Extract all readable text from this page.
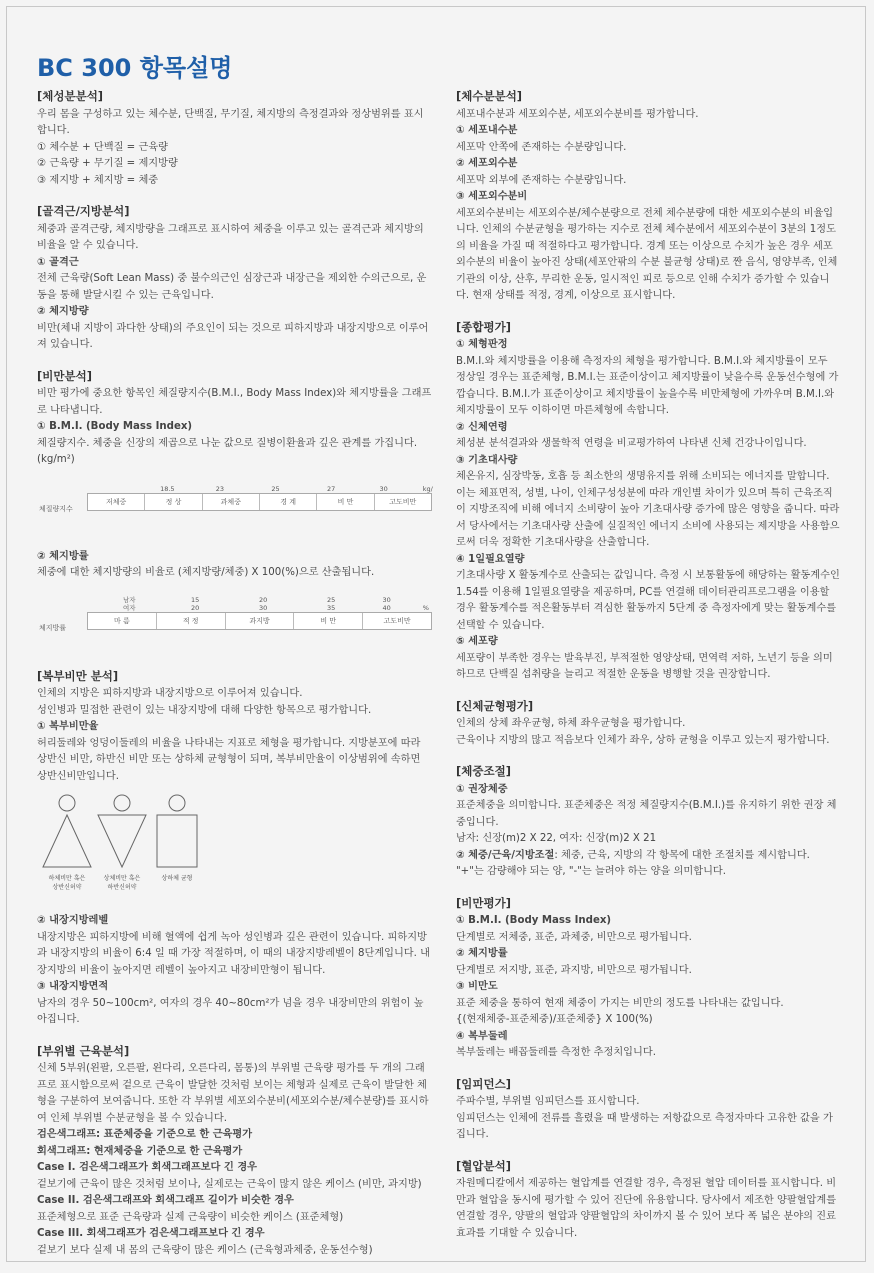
BC 300 항목설명
[체성분분석]
우리 몸을 구성하고 있는 체수분, 단백질, 무기질, 체지방의 측정결과와 정상범위를 표시합니다.
① 체수분 + 단백질 = 근육량
② 근육량 + 무기질 = 제지방량
③ 제지방 + 체지방 = 체중
[골격근/지방분석]
체중과 골격근량, 체지방량을 그래프로 표시하여 체중을 이루고 있는 골격근과 체지방의 비율을 알 수 있습니다.
① 골격근
전체 근육량(Soft Lean Mass) 중 불수의근인 심장근과 내장근을 제외한 수의근으로, 운동을 통해 발달시킬 수 있는 근육입니다.
② 체지방량
비만(체내 지방이 과다한 상태)의 주요인이 되는 것으로 피하지방과 내장지방으로 이루어져 있습니다.
[비만분석]
비만 평가에 중요한 항목인 체질량지수(B.M.I., Body Mass Index)와 체지방률을 그래프로 나타냅니다.
① B.M.I. (Body Mass Index)
체질량지수. 체중을 신장의 제곱으로 나눈 값으로 질병이환율과 깊은 관계를 가집니다. (kg/m²)
체질량지수
18.5	23	25	27	30	kg/
저체중	정 상	과체중	경 계	비 만	고도비만
② 체지방률
체중에 대한 체지방량의 비율로 (체지방량/체중) X 100(%)으로 산출됩니다.
체지방률
남자
여자
15
20
20
30
25
35
30
40	%
마 름	적 정	과지방	비 만	고도비만
[복부비만 분석]
인체의 지방은 피하지방과 내장지방으로 이루어져 있습니다.
성인병과 밀접한 관련이 있는 내장지방에 대해 다양한 항목으로 평가합니다.
① 복부비만율
허리둘레와 엉덩이둘레의 비율을 나타내는 지표로 체형을 평가합니다. 지방분포에 따라 상반신 비만, 하반신 비만 또는 상하체 균형형이 되며, 복부비만율이 이상범위에 속하면 상반신비만입니다.
하체비만 혹은
상반신허약
상체비만 혹은
하반신허약
상하체 균형
② 내장지방레벨
내장지방은 피하지방에 비해 혈액에 쉽게 녹아 성인병과 깊은 관련이 있습니다. 피하지방과 내장지방의 비율이 6:4 일 때 가장 적절하며, 이 때의 내장지방레벨이 8단계입니다. 내장지방의 비율이 높아지면 레벨이 높아지고 내장비만형이 됩니다.
③ 내장지방면적
남자의 경우 50~100cm², 여자의 경우 40~80cm²가 넘을 경우 내장비만의 위험이 높아집니다.
[부위별 근육분석]
신체 5부위(왼팔, 오른팔, 왼다리, 오른다리, 몸통)의 부위별 근육량 평가를 두 개의 그래프로 표시함으로써 겉으로 근육이 발달한 것처럼 보이는 체형과 실제로 근육이 발달한 체형을 구분하여 보여줍니다. 또한 각 부위별 세포외수분비(세포외수분/체수분량)를 표시하여 인체 부위별 수분균형을 볼 수 있습니다.
검은색그래프: 표준체중을 기준으로 한 근육평가
회색그래프: 현재체중을 기준으로 한 근육평가
Case I. 검은색그래프가 회색그래프보다 긴 경우
겉보기에 근육이 많은 것처럼 보이나, 실제로는 근육이 많지 않은 케이스 (비만, 과지방)
Case II. 검은색그래프와 회색그래프 길이가 비슷한 경우
표준체형으로 표준 근육량과 실제 근육량이 비슷한 케이스 (표준체형)
Case III. 회색그래프가 검은색그래프보다 긴 경우
겉보기 보다 실제 내 몸의 근육량이 많은 케이스 (근육형과체중, 운동선수형)
[체수분분석]
세포내수분과 세포외수분, 세포외수분비를 평가합니다.
① 세포내수분
세포막 안쪽에 존재하는 수분량입니다.
② 세포외수분
세포막 외부에 존재하는 수분량입니다.
③ 세포외수분비
세포외수분비는 세포외수분/체수분량으로 전체 체수분량에 대한 세포외수분의 비율입니다. 인체의 수분균형을 평가하는 지수로 전체 체수분에서 세포외수분이 3분의 1정도의 비율을 가질 때 적절하다고 평가합니다. 경계 또는 이상으로 수치가 높은 경우 세포외수분의 비율이 높아진 상태(세포안팎의 수분 불균형 상태)로 짠 음식, 영양부족, 인체기관의 이상, 산후, 무리한 운동, 일시적인 피로 등으로 인해 수치가 증가할 수 있습니다. 현재 상태를 적정, 경계, 이상으로 표시합니다.
[종합평가]
① 체형판정
B.M.I.와 체지방률을 이용해 측정자의 체형을 평가합니다. B.M.I.와 체지방률이 모두 정상일 경우는 표준체형, B.M.I.는 표준이상이고 체지방률이 낮을수록 운동선수형에 가깝습니다. B.M.I.가 표준이상이고 체지방률이 높을수록 비만체형에 가까우며 B.M.I.와 체지방률이 모두 이하이면 마른체형에 속합니다.
② 신체연령
체성분 분석결과와 생물학적 연령을 비교평가하여 나타낸 신체 건강나이입니다.
③ 기초대사량
체온유지, 심장박동, 호흡 등 최소한의 생명유지를 위해 소비되는 에너지를 말합니다. 이는 체표면적, 성별, 나이, 인체구성성분에 따라 개인별 차이가 있으며 특히 근육조직이 지방조직에 비해 에너지 소비량이 높아 기초대사량 증가에 많은 영향을 줍니다. 따라서 당사에서는 기초대사량 산출에 실질적인 에너지 소비에 사용되는 제지방을 사용함으로써 더욱 정확한 기초대사량을 산출합니다.
④ 1일필요열량
기초대사량 X 활동계수로 산출되는 값입니다. 측정 시 보통활동에 해당하는 활동계수인 1.54를 이용해 1일필요열량을 제공하며, PC를 연결해 데이터관리프로그램을 이용할 경우 활동계수를 적은활동부터 격심한 활동까지 5단계 중 측정자에게 맞는 활동계수를 선택할 수 있습니다.
⑤ 세포량
세포량이 부족한 경우는 발육부진, 부적절한 영양상태, 면역력 저하, 노년기 등을 의미하므로 단백질 섭취량을 늘리고 적절한 운동을 병행할 것을 권장합니다.
[신체균형평가]
인체의 상체 좌우균형, 하체 좌우균형을 평가합니다.
근육이나 지방의 많고 적음보다 인체가 좌우, 상하 균형을 이루고 있는지 평가합니다.
[체중조절]
① 권장체중
표준체중을 의미합니다. 표준체중은 적정 체질량지수(B.M.I.)를 유지하기 위한 권장 체중입니다.
남자: 신장(m)2 X 22, 여자: 신장(m)2 X 21
② 체중/근육/지방조절: 체중, 근육, 지방의 각 항목에 대한 조절치를 제시합니다.
"+"는 감량해야 되는 양, "-"는 늘려야 하는 양을 의미합니다.
[비만평가]
① B.M.I. (Body Mass Index)
단계별로 저체중, 표준, 과체중, 비만으로 평가됩니다.
② 체지방률
단계별로 저지방, 표준, 과지방, 비만으로 평가됩니다.
③ 비만도
표준 체중을 통하여 현재 체중이 가지는 비만의 정도를 나타내는 값입니다.
{(현재체중-표준체중)/표준체중} X 100(%)
④ 복부둘레
복부둘레는 배꼽둘레를 측정한 추정치입니다.
[임피던스]
주파수별, 부위별 임피던스를 표시합니다.
임피던스는 인체에 전류를 흘렸을 때 발생하는 저항값으로 측정자마다 고유한 값을 가집니다.
[혈압분석]
자원메디칼에서 제공하는 혈압계를 연결할 경우, 측정된 혈압 데이터를 표시합니다. 비만과 혈압을 동시에 평가할 수 있어 진단에 유용합니다. 당사에서 제조한 양팔혈압계를 연결할 경우, 양팔의 혈압과 양팔혈압의 차이까지 볼 수 있어 보다 폭 넓은 분야의 진료효과를 기대할 수 있습니다.
